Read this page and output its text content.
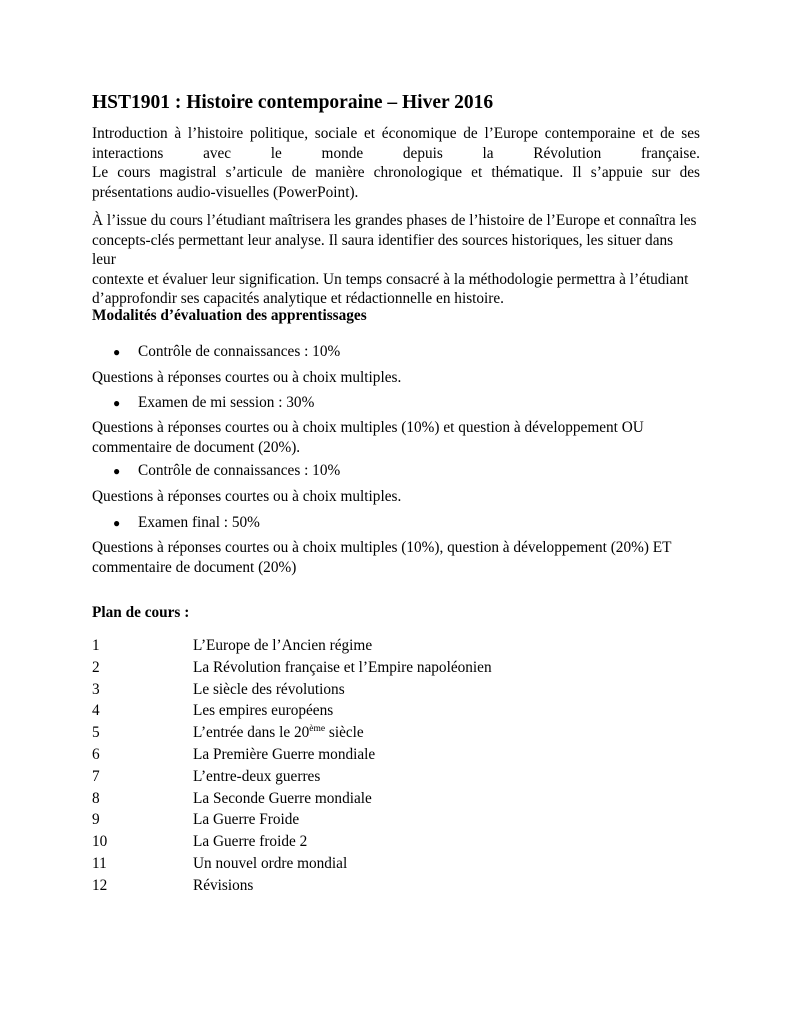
HST1901 : Histoire contemporaine – Hiver 2016
Introduction à l’histoire politique, sociale et économique de l’Europe contemporaine et de ses
interactions avec le monde depuis la Révolution française.
Le cours magistral s’articule de manière chronologique et thématique. Il s’appuie sur des
présentations audio-visuelles (PowerPoint).
À l’issue du cours l’étudiant maîtrisera les grandes phases de l’histoire de l’Europe et connaîtra les
concepts-clés permettant leur analyse. Il saura identifier des sources historiques, les situer dans leur
contexte et évaluer leur signification. Un temps consacré à la méthodologie permettra à l’étudiant
d’approfondir ses capacités analytique et rédactionnelle en histoire.
Modalités d’évaluation des apprentissages
● Contrôle de connaissances : 10%
Questions à réponses courtes ou à choix multiples.
● Examen de mi session : 30%
Questions à réponses courtes ou à choix multiples (10%) et question à développement OU
commentaire de document (20%).
● Contrôle de connaissances : 10%
Questions à réponses courtes ou à choix multiples.
● Examen final : 50%
Questions à réponses courtes ou à choix multiples (10%), question à développement (20%) ET
commentaire de document (20%)
Plan de cours :
1	L’Europe de l’Ancien régime
2	La Révolution française et l’Empire napoléonien
3	Le siècle des révolutions
4	Les empires européens
5	L’entrée dans le 20ème siècle
6	La Première Guerre mondiale
7	L’entre-deux guerres
8	La Seconde Guerre mondiale
9	La Guerre Froide
10	La Guerre froide 2
11	Un nouvel ordre mondial
12	Révisions
